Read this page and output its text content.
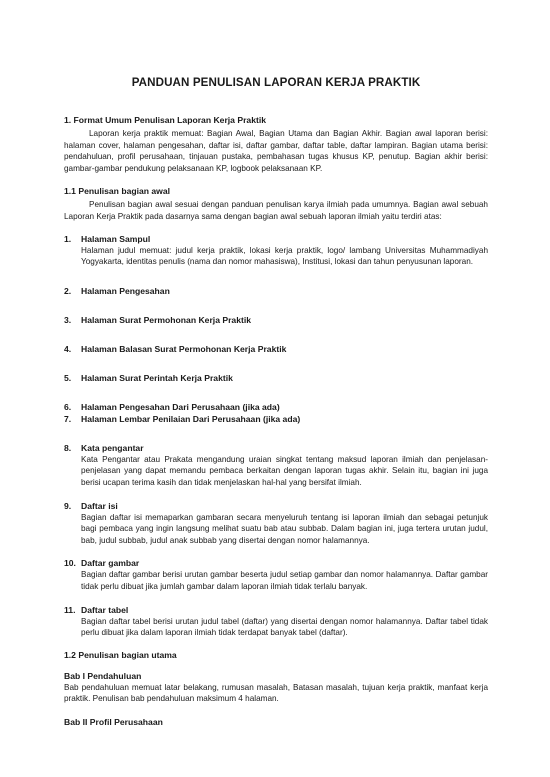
PANDUAN PENULISAN LAPORAN KERJA PRAKTIK

1. Format Umum Penulisan Laporan Kerja Praktik

Laporan kerja praktik memuat: Bagian Awal, Bagian Utama dan Bagian Akhir. Bagian awal laporan berisi: halaman cover, halaman pengesahan, daftar isi, daftar gambar, daftar table, daftar lampiran. Bagian utama berisi: pendahuluan, profil perusahaan, tinjauan pustaka, pembahasan tugas khusus KP, penutup. Bagian akhir berisi: gambar-gambar pendukung pelaksanaan KP, logbook pelaksanaan KP.

1.1 Penulisan bagian awal

Penulisan bagian awal sesuai dengan panduan penulisan karya ilmiah pada umumnya. Bagian awal sebuah Laporan Kerja Praktik pada dasarnya sama dengan bagian awal sebuah laporan ilmiah yaitu terdiri atas:

1.	Halaman Sampul

Halaman judul memuat: judul kerja praktik, lokasi kerja praktik, logo/ lambang Universitas Muhammadiyah Yogyakarta, identitas penulis (nama dan nomor mahasiswa), Institusi, lokasi dan tahun penyusunan laporan.

2.	Halaman Pengesahan
3.	Halaman Surat Permohonan Kerja Praktik
4.	Halaman Balasan Surat Permohonan Kerja Praktik
5.	Halaman Surat Perintah Kerja Praktik
6.	Halaman Pengesahan Dari Perusahaan (jika ada)
7.	Halaman Lembar Penilaian Dari Perusahaan (jika ada)
8.	Kata pengantar

Kata Pengantar atau Prakata mengandung uraian singkat tentang maksud laporan ilmiah dan penjelasan-penjelasan yang dapat memandu pembaca berkaitan dengan laporan tugas akhir. Selain itu, bagian ini juga berisi ucapan terima kasih dan tidak menjelaskan hal-hal yang bersifat ilmiah.

9.	Daftar isi

Bagian daftar isi memaparkan gambaran secara menyeluruh tentang isi laporan ilmiah dan sebagai petunjuk bagi pembaca yang ingin langsung melihat suatu bab atau subbab. Dalam bagian ini, juga tertera urutan judul, bab, judul subbab, judul anak subbab yang disertai dengan nomor halamannya.

10. Daftar gambar

Bagian daftar gambar berisi urutan gambar beserta judul setiap gambar dan nomor halamannya. Daftar gambar tidak perlu dibuat jika jumlah gambar dalam laporan ilmiah tidak terlalu banyak.

11. Daftar tabel

Bagian daftar tabel berisi urutan judul tabel (daftar) yang disertai dengan nomor halamannya. Daftar tabel tidak perlu dibuat jika dalam laporan ilmiah tidak terdapat banyak tabel (daftar).

1.2 Penulisan bagian utama

Bab I Pendahuluan

Bab pendahuluan memuat latar belakang, rumusan masalah, Batasan masalah, tujuan kerja praktik, manfaat kerja praktik. Penulisan bab pendahuluan maksimum 4 halaman.

Bab II Profil Perusahaan
